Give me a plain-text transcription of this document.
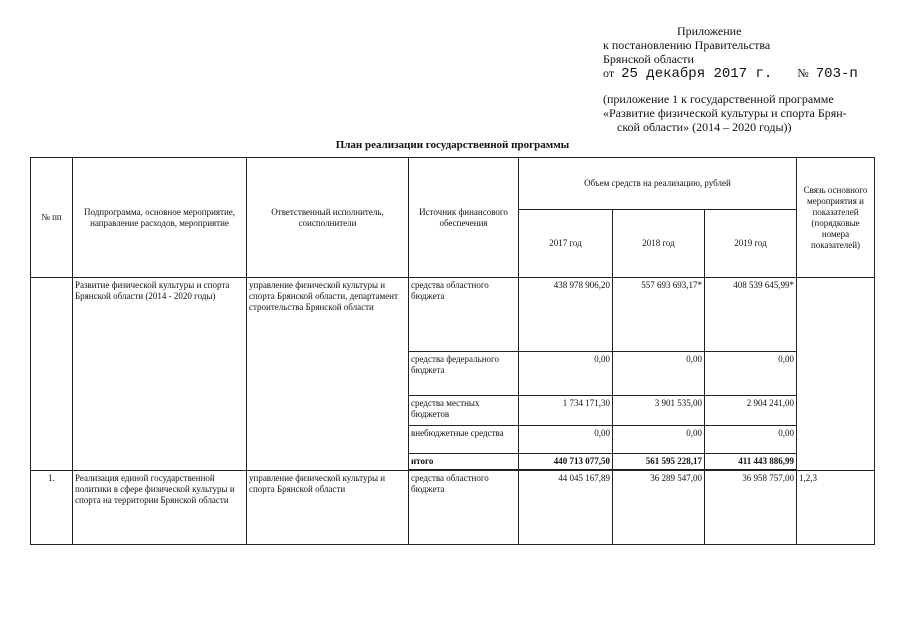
Приложение
к постановлению Правительства
Брянской области
от 25 декабря 2017 г. № 703-п
(приложение 1 к государственной программе
«Развитие физической культуры и спорта Брян-
ской области» (2014 – 2020 годы))
План реализации государственной программы
№ пп	Подпрограмма, основное мероприятие, направление расходов, мероприятие	Ответственный исполнитель, соисполнители	Источник финансового обеспечения	Объем средств на реализацию, рублей			Связь основного мероприятия и показателей (порядковые номера показателей)
				2017 год	2018 год	2019 год	
	Развитие физической культуры и спорта Брянской области (2014 - 2020 годы)	управление физической культуры и спорта Брянской области, департамент строительства Брянской области	средства областного бюджета	438 978 906,20	557 693 693,17*	408 539 645,99*	
			средства федерального бюджета	0,00	0,00	0,00	
			средства местных бюджетов	1 734 171,30	3 901 535,00	2 904 241,00	
			внебюджетные средства	0,00	0,00	0,00	
			итого	440 713 077,50	561 595 228,17	411 443 886,99	
1.	Реализация единой государственной политики в сфере физической культуры и спорта на территории Брянской области	управление физической культуры и спорта Брянской области	средства областного бюджета	44 045 167,89	36 289 547,00	36 958 757,00	1,2,3
